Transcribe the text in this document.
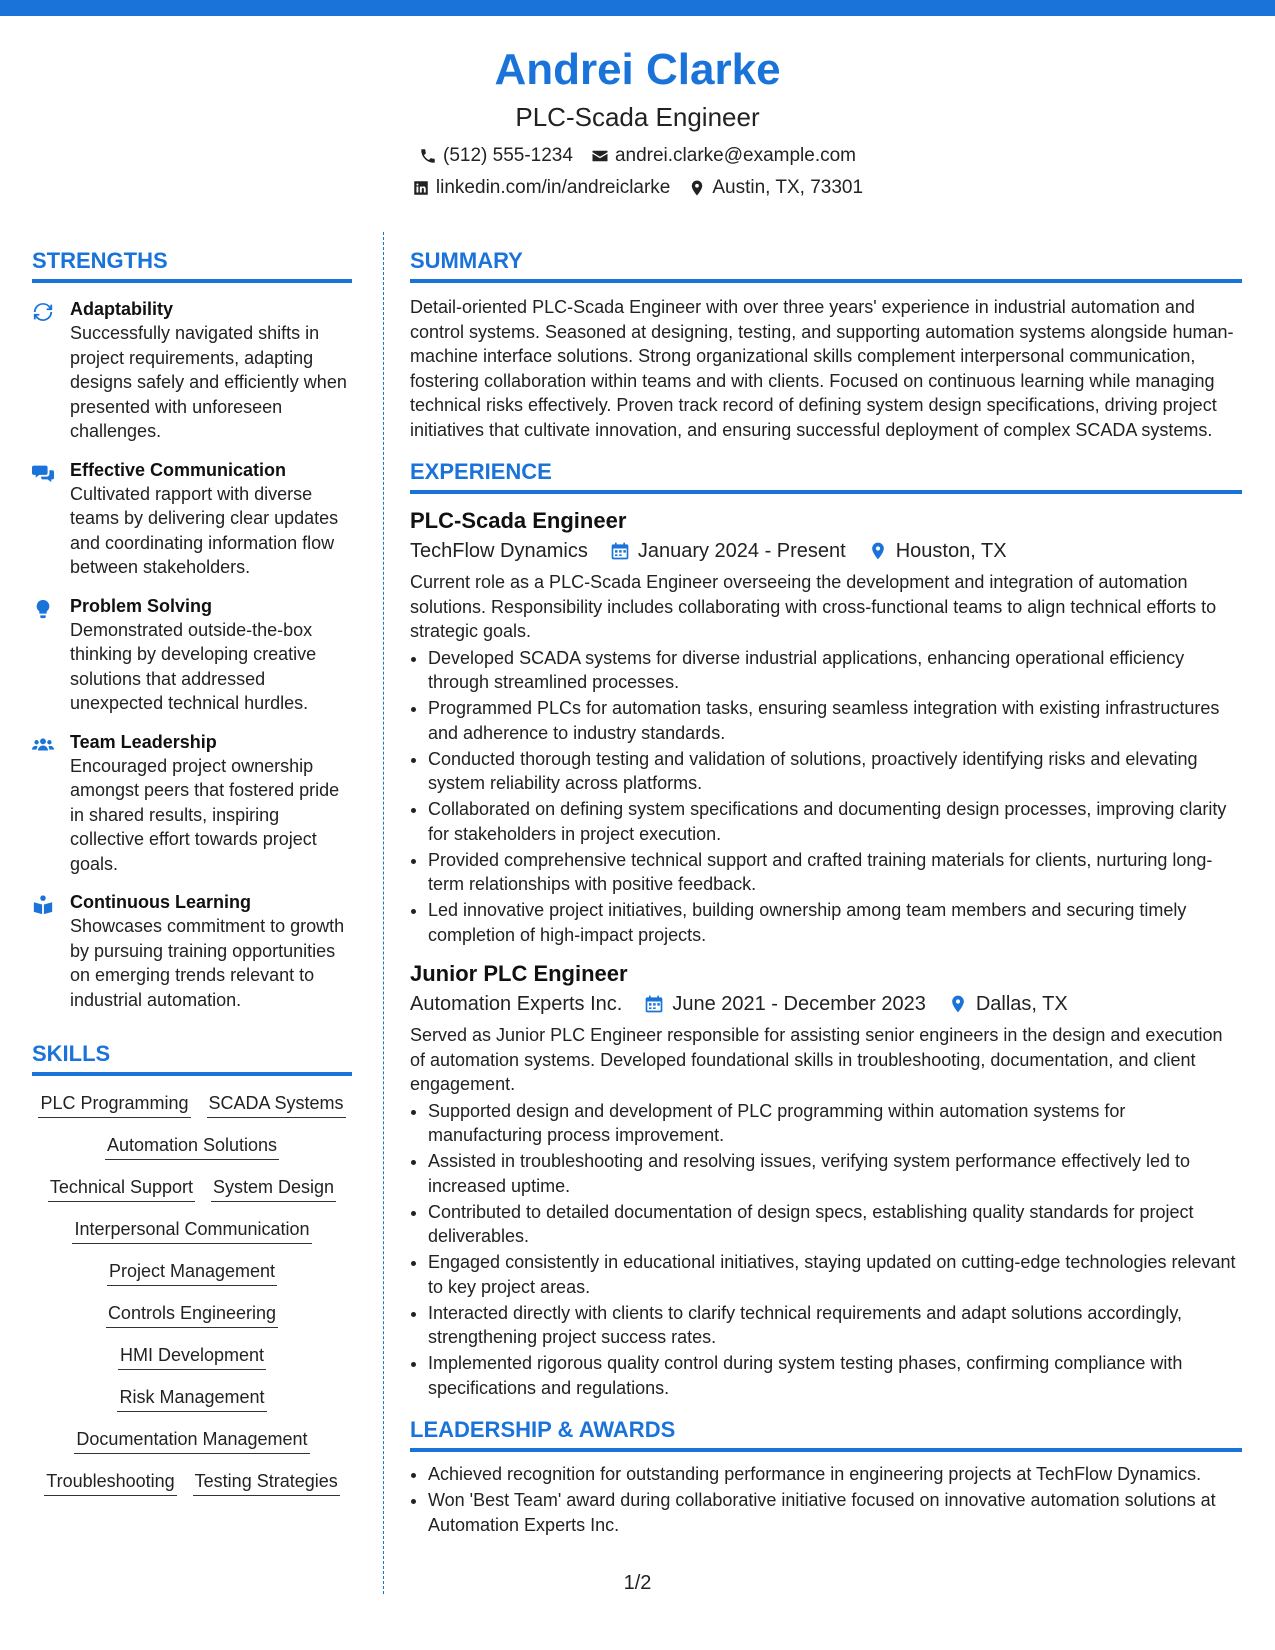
Andrei Clarke
PLC-Scada Engineer
(512) 555-1234 andrei.clarke@example.com
linkedin.com/in/andreiclarke Austin, TX, 73301
STRENGTHS
Adaptability
Successfully navigated shifts in project requirements, adapting designs safely and efficiently when presented with unforeseen challenges.
Effective Communication
Cultivated rapport with diverse teams by delivering clear updates and coordinating information flow between stakeholders.
Problem Solving
Demonstrated outside-the-box thinking by developing creative solutions that addressed unexpected technical hurdles.
Team Leadership
Encouraged project ownership amongst peers that fostered pride in shared results, inspiring collective effort towards project goals.
Continuous Learning
Showcases commitment to growth by pursuing training opportunities on emerging trends relevant to industrial automation.
SKILLS
PLC Programming SCADA Systems
Automation Solutions
Technical Support System Design
Interpersonal Communication
Project Management
Controls Engineering
HMI Development
Risk Management
Documentation Management
Troubleshooting Testing Strategies
SUMMARY

Detail-oriented PLC-Scada Engineer with over three years' experience in industrial automation and control systems. Seasoned at designing, testing, and supporting automation systems alongside human-machine interface solutions. Strong organizational skills complement interpersonal communication, fostering collaboration within teams and with clients. Focused on continuous learning while managing technical risks effectively. Proven track record of defining system design specifications, driving project initiatives that cultivate innovation, and ensuring successful deployment of complex SCADA systems.

EXPERIENCE
PLC-Scada Engineer
TechFlow Dynamics	January 2024 - Present	Houston, TX

Current role as a PLC-Scada Engineer overseeing the development and integration of automation solutions. Responsibility includes collaborating with cross-functional teams to align technical efforts to strategic goals.

• Developed SCADA systems for diverse industrial applications, enhancing operational efficiency through streamlined processes.
• Programmed PLCs for automation tasks, ensuring seamless integration with existing infrastructures and adherence to industry standards.
• Conducted thorough testing and validation of solutions, proactively identifying risks and elevating system reliability across platforms.
• Collaborated on defining system specifications and documenting design processes, improving clarity for stakeholders in project execution.
• Provided comprehensive technical support and crafted training materials for clients, nurturing long-term relationships with positive feedback.
• Led innovative project initiatives, building ownership among team members and securing timely completion of high-impact projects.
Junior PLC Engineer
Automation Experts Inc.	June 2021 - December 2023	Dallas, TX

Served as Junior PLC Engineer responsible for assisting senior engineers in the design and execution of automation systems. Developed foundational skills in troubleshooting, documentation, and client engagement.

• Supported design and development of PLC programming within automation systems for manufacturing process improvement.
• Assisted in troubleshooting and resolving issues, verifying system performance effectively led to increased uptime.
• Contributed to detailed documentation of design specs, establishing quality standards for project deliverables.
• Engaged consistently in educational initiatives, staying updated on cutting-edge technologies relevant to key project areas.
• Interacted directly with clients to clarify technical requirements and adapt solutions accordingly, strengthening project success rates.
• Implemented rigorous quality control during system testing phases, confirming compliance with specifications and regulations.
LEADERSHIP & AWARDS
• Achieved recognition for outstanding performance in engineering projects at TechFlow Dynamics.
• Won 'Best Team' award during collaborative initiative focused on innovative automation solutions at Automation Experts Inc.
1/2
